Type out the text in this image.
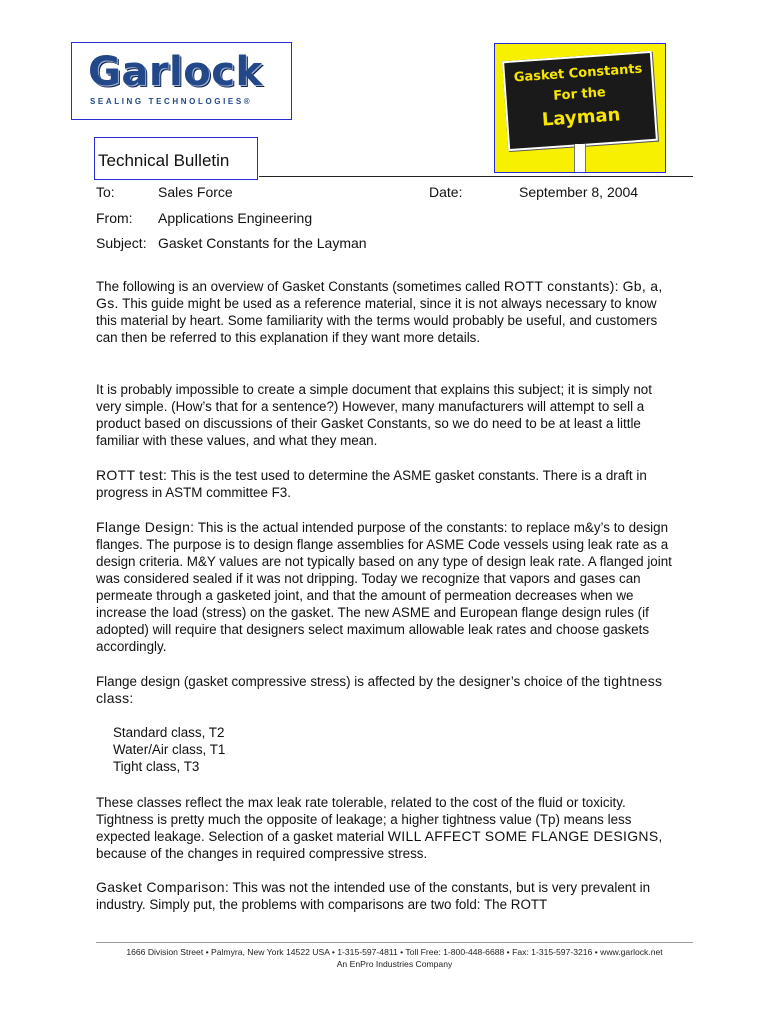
Garlock
SEALING TECHNOLOGIES®
Gasket Constants
For the
Layman
Technical Bulletin
To:	Sales Force	Date:	September 8, 2004
From: Applications Engineering
Subject: Gasket Constants for the Layman

The following is an overview of Gasket Constants (sometimes called ROTT constants): Gb, a, Gs. This guide might be used as a reference material, since it is not always necessary to know this material by heart. Some familiarity with the terms would probably be useful, and customers can then be referred to this explanation if they want more details.

It is probably impossible to create a simple document that explains this subject; it is simply not very simple. (How’s that for a sentence?) However, many manufacturers will attempt to sell a product based on discussions of their Gasket Constants, so we do need to be at least a little familiar with these values, and what they mean.

ROTT test: This is the test used to determine the ASME gasket constants. There is a draft in progress in ASTM committee F3.

Flange Design: This is the actual intended purpose of the constants: to replace m&y’s to design flanges. The purpose is to design flange assemblies for ASME Code vessels using leak rate as a design criteria. M&Y values are not typically based on any type of design leak rate. A flanged joint was considered sealed if it was not dripping. Today we recognize that vapors and gases can permeate through a gasketed joint, and that the amount of permeation decreases when we increase the load (stress) on the gasket. The new ASME and European flange design rules (if adopted) will require that designers select maximum allowable leak rates and choose gaskets accordingly.

Flange design (gasket compressive stress) is affected by the designer’s choice of the tightness class:

Standard class, T2
Water/Air class, T1
Tight class, T3

These classes reflect the max leak rate tolerable, related to the cost of the fluid or toxicity. Tightness is pretty much the opposite of leakage; a higher tightness value (Tp) means less expected leakage. Selection of a gasket material WILL AFFECT SOME FLANGE DESIGNS, because of the changes in required compressive stress.

Gasket Comparison: This was not the intended use of the constants, but is very prevalent in industry. Simply put, the problems with comparisons are two fold: The ROTT

1666 Division Street • Palmyra, New York 14522 USA • 1-315-597-4811 • Toll Free: 1-800-448-6688 • Fax: 1-315-597-3216 • www.garlock.net
An EnPro Industries Company
